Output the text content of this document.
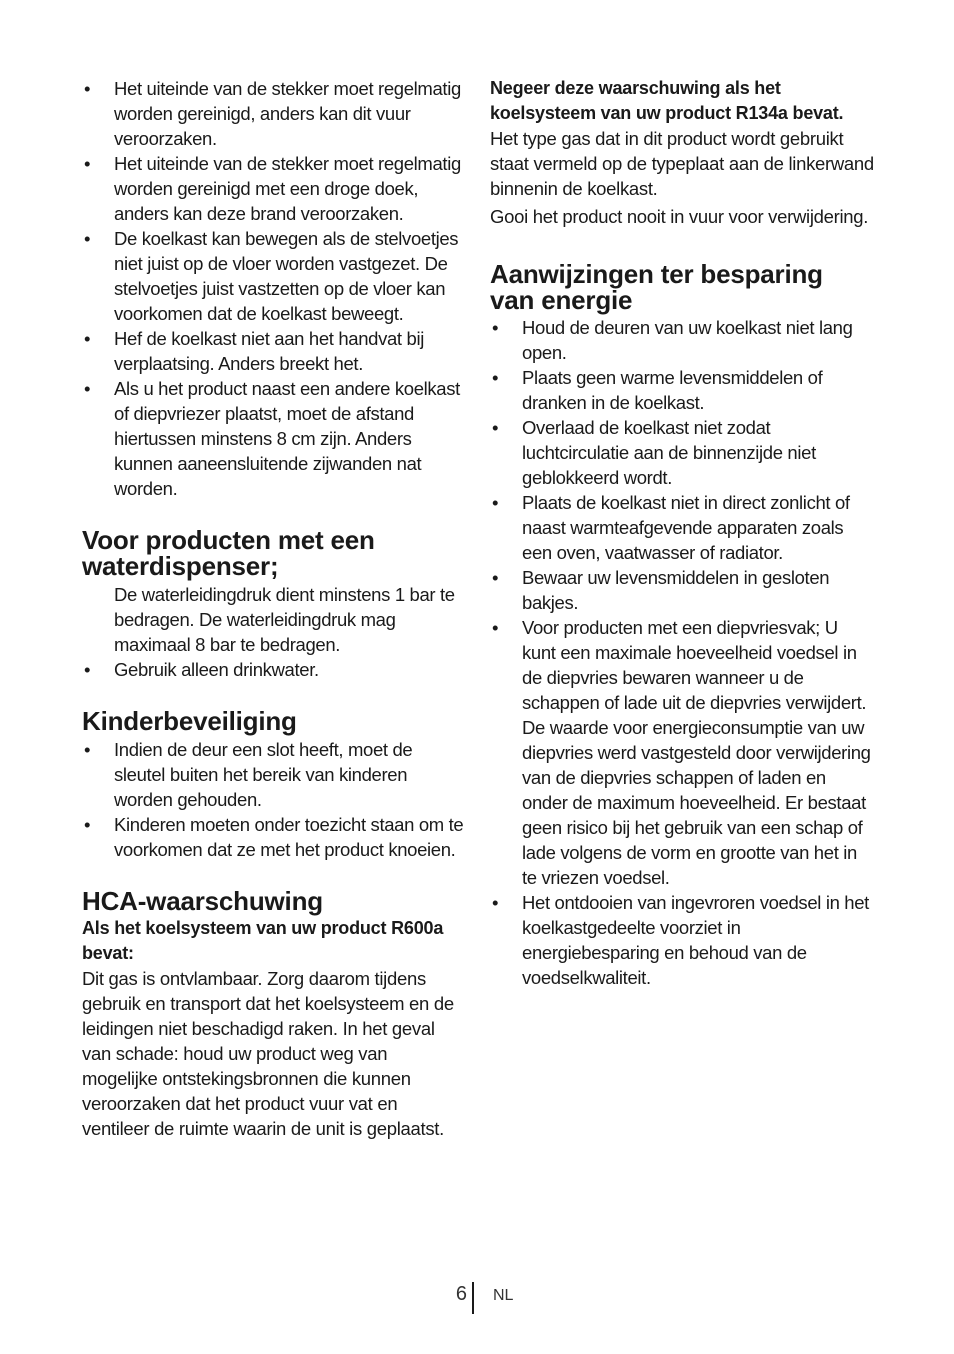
• Het uiteinde van de stekker moet regelmatig worden gereinigd, anders kan dit vuur veroorzaken.
• Het uiteinde van de stekker moet regelmatig worden gereinigd met een droge doek, anders kan deze brand veroorzaken.
• De koelkast kan bewegen als de stelvoetjes niet juist op de vloer worden vastgezet. De stelvoetjes juist vastzetten op de vloer kan voorkomen dat de koelkast beweegt.
• Hef de koelkast niet aan het handvat bij verplaatsing. Anders breekt het.
• Als u het product naast een andere koelkast of diepvriezer plaatst, moet de afstand hiertussen minstens 8 cm zijn. Anders kunnen aaneensluitende zijwanden nat worden.
Voor producten met een waterdispenser;

De waterleidingdruk dient minstens 1 bar te bedragen. De waterleidingdruk mag maximaal 8 bar te bedragen.

• Gebruik alleen drinkwater.
Kinderbeveiliging
• Indien de deur een slot heeft, moet de sleutel buiten het bereik van kinderen worden gehouden.
• Kinderen moeten onder toezicht staan om te voorkomen dat ze met het product knoeien.
HCA-waarschuwing

Als het koelsysteem van uw product R600a bevat:

Dit gas is ontvlambaar. Zorg daarom tijdens gebruik en transport dat het koelsysteem en de leidingen niet beschadigd raken. In het geval van schade: houd uw product weg van mogelijke ontstekingsbronnen die kunnen veroorzaken dat het product vuur vat en ventileer de ruimte waarin de unit is geplaatst.

Negeer deze waarschuwing als het koelsysteem van uw product R134a bevat.

Het type gas dat in dit product wordt gebruikt staat vermeld op de typeplaat aan de linkerwand binnenin de koelkast.

Gooi het product nooit in vuur voor verwijdering.

Aanwijzingen ter besparing van energie
• Houd de deuren van uw koelkast niet lang open.
• Plaats geen warme levensmiddelen of dranken in de koelkast.
• Overlaad de koelkast niet zodat luchtcirculatie aan de binnenzijde niet geblokkeerd wordt.
• Plaats de koelkast niet in direct zonlicht of naast warmteafgevende apparaten zoals een oven, vaatwasser of radiator.
• Bewaar uw levensmiddelen in gesloten bakjes.
• Voor producten met een diepvriesvak; U kunt een maximale hoeveelheid voedsel in de diepvries bewaren wanneer u de schappen of lade uit de diepvries verwijdert. De waarde voor energieconsumptie van uw diepvries werd vastgesteld door verwijdering van de diepvries schappen of laden en onder de maximum hoeveelheid. Er bestaat geen risico bij het gebruik van een schap of lade volgens de vorm en grootte van het in te vriezen voedsel.
• Het ontdooien van ingevroren voedsel in het koelkastgedeelte voorziet in energiebesparing en behoud van de voedselkwaliteit.
6 NL
